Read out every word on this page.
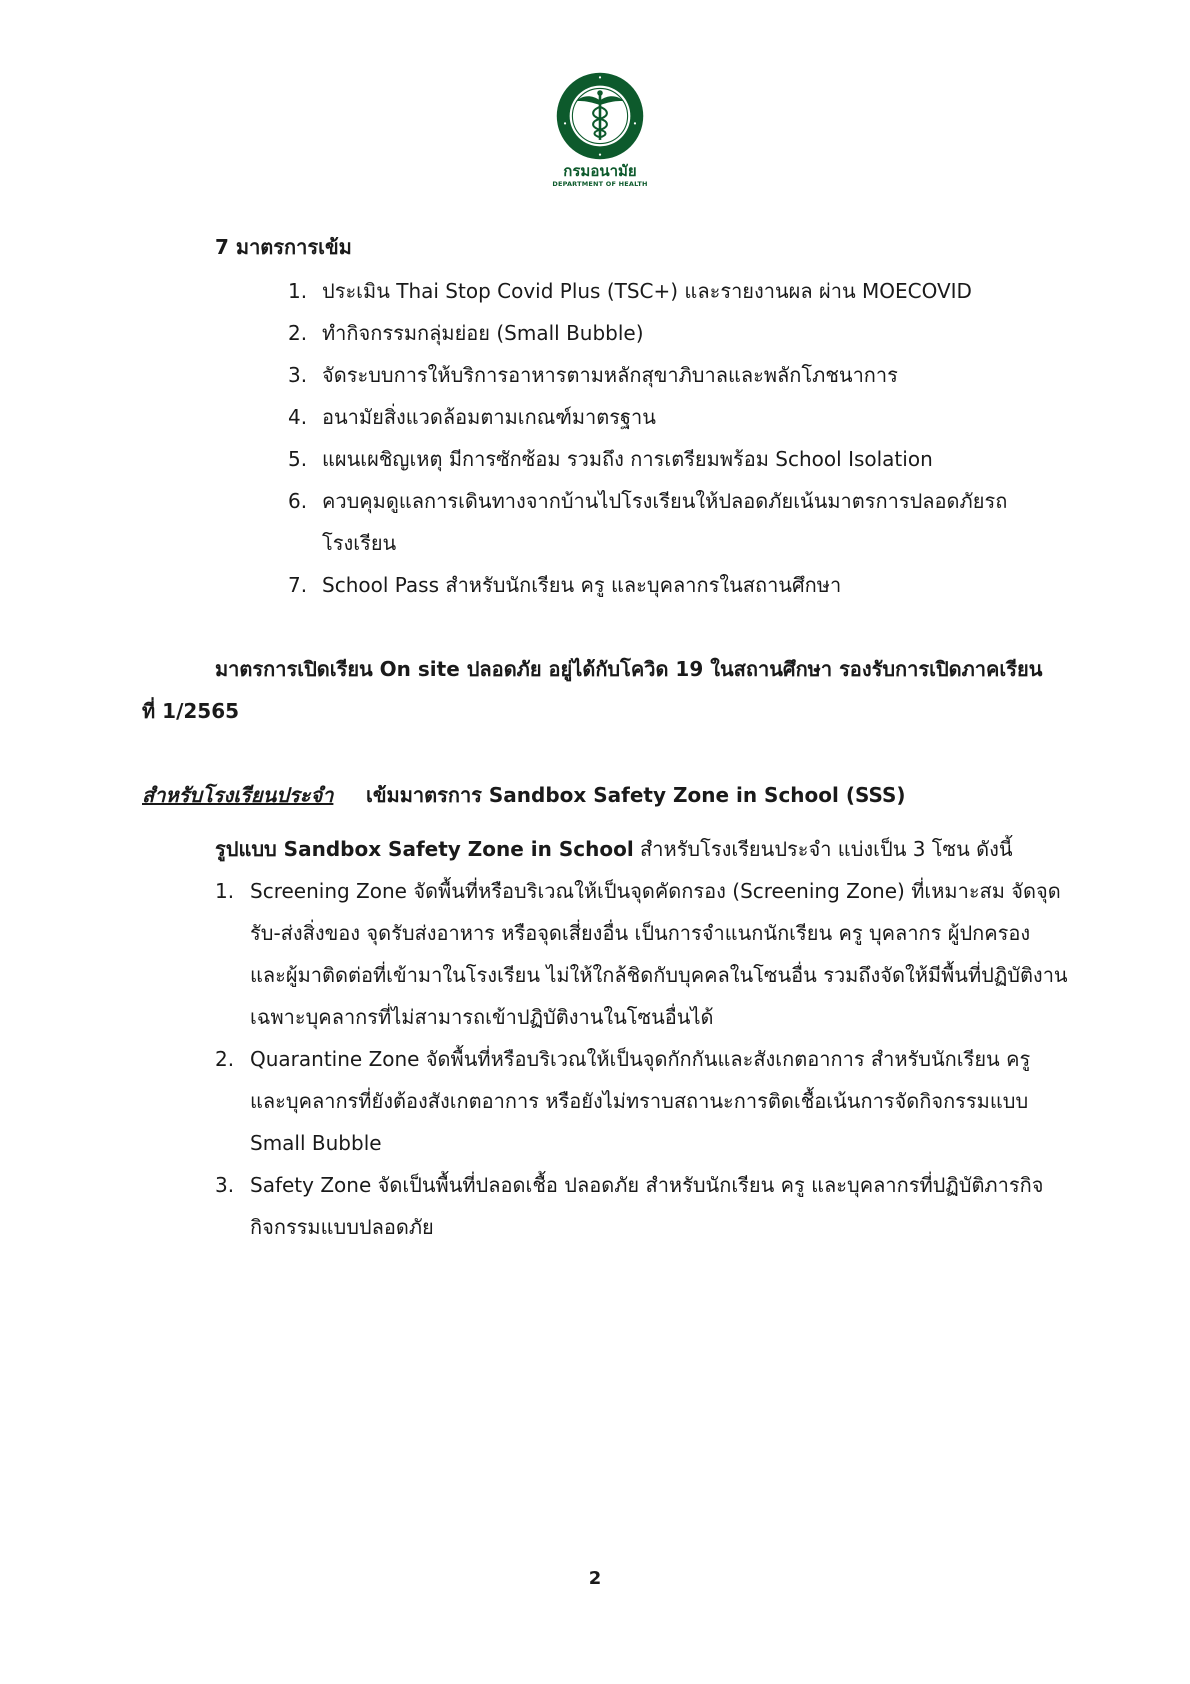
กรมอนามัย
DEPARTMENT OF HEALTH
7 มาตรการเข้ม
1. ประเมิน Thai Stop Covid Plus (TSC+) และรายงานผล ผ่าน MOECOVID
2. ทำกิจกรรมกลุ่มย่อย (Small Bubble)
3. จัดระบบการให้บริการอาหารตามหลักสุขาภิบาลและพลักโภชนาการ
4. อนามัยสิ่งแวดล้อมตามเกณฑ์มาตรฐาน
5. แผนเผชิญเหตุ มีการซักซ้อม รวมถึง การเตรียมพร้อม School Isolation
6. ควบคุมดูแลการเดินทางจากบ้านไปโรงเรียนให้ปลอดภัยเน้นมาตรการปลอดภัยรถ
โรงเรียน
7. School Pass สำหรับนักเรียน ครู และบุคลากรในสถานศึกษา
มาตรการเปิดเรียน On site ปลอดภัย อยู่ได้กับโควิด 19 ในสถานศึกษา รองรับการเปิดภาคเรียน
ที่ 1/2565
สำหรับโรงเรียนประจำ เข้มมาตรการ Sandbox Safety Zone in School (SSS)
รูปแบบ Sandbox Safety Zone in School สำหรับโรงเรียนประจำ แบ่งเป็น 3 โซน ดังนี้
1. Screening Zone จัดพื้นที่หรือบริเวณให้เป็นจุดคัดกรอง (Screening Zone) ที่เหมาะสม จัดจุด
รับ-ส่งสิ่งของ จุดรับส่งอาหาร หรือจุดเสี่ยงอื่น เป็นการจำแนกนักเรียน ครู บุคลากร ผู้ปกครอง
และผู้มาติดต่อที่เข้ามาในโรงเรียน ไม่ให้ใกล้ชิดกับบุคคลในโซนอื่น รวมถึงจัดให้มีพื้นที่ปฏิบัติงาน
เฉพาะบุคลากรที่ไม่สามารถเข้าปฏิบัติงานในโซนอื่นได้
2. Quarantine Zone จัดพื้นที่หรือบริเวณให้เป็นจุดกักกันและสังเกตอาการ สำหรับนักเรียน ครู
และบุคลากรที่ยังต้องสังเกตอาการ หรือยังไม่ทราบสถานะการติดเชื้อเน้นการจัดกิจกรรมแบบ
Small Bubble
3. Safety Zone จัดเป็นพื้นที่ปลอดเชื้อ ปลอดภัย สำหรับนักเรียน ครู และบุคลากรที่ปฏิบัติภารกิจ
กิจกรรมแบบปลอดภัย
2
